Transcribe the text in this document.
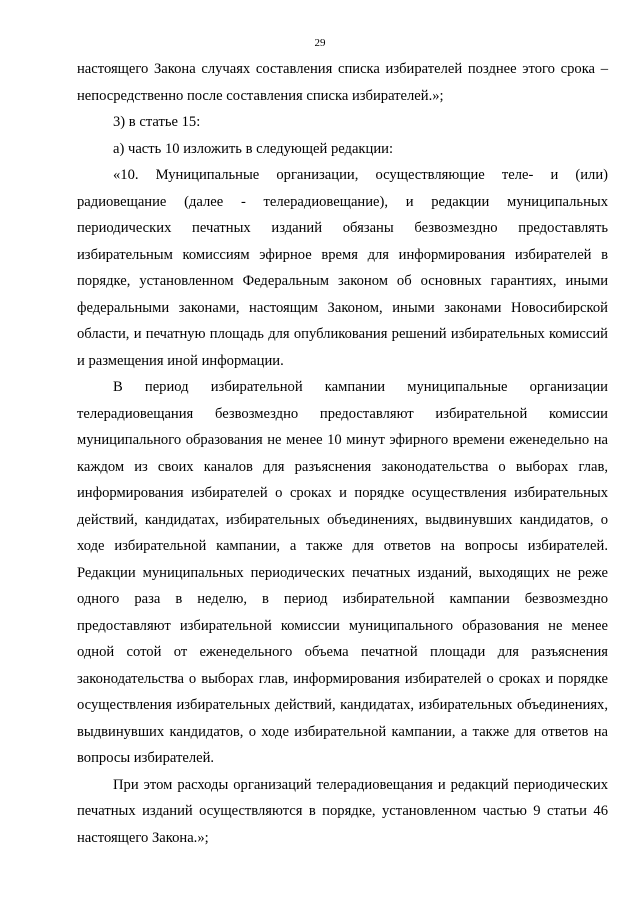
29

настоящего Закона случаях составления списка избирателей позднее этого срока – непосредственно после составления списка избирателей.»;

3) в статье 15:

а) часть 10 изложить в следующей редакции:

«10. Муниципальные организации, осуществляющие теле- и (или) радиовещание (далее - телерадиовещание), и редакции муниципальных периодических печатных изданий обязаны безвозмездно предоставлять избирательным комиссиям эфирное время для информирования избирателей в порядке, установленном Федеральным законом об основных гарантиях, иными федеральными законами, настоящим Законом, иными законами Новосибирской области, и печатную площадь для опубликования решений избирательных комиссий и размещения иной информации.

В период избирательной кампании муниципальные организации телерадиовещания безвозмездно предоставляют избирательной комиссии муниципального образования не менее 10 минут эфирного времени еженедельно на каждом из своих каналов для разъяснения законодательства о выборах глав, информирования избирателей о сроках и порядке осуществления избирательных действий, кандидатах, избирательных объединениях, выдвинувших кандидатов, о ходе избирательной кампании, а также для ответов на вопросы избирателей. Редакции муниципальных периодических печатных изданий, выходящих не реже одного раза в неделю, в период избирательной кампании безвозмездно предоставляют избирательной комиссии муниципального образования не менее одной сотой от еженедельного объема печатной площади для разъяснения законодательства о выборах глав, информирования избирателей о сроках и порядке осуществления избирательных действий, кандидатах, избирательных объединениях, выдвинувших кандидатов, о ходе избирательной кампании, а также для ответов на вопросы избирателей.

При этом расходы организаций телерадиовещания и редакций периодических печатных изданий осуществляются в порядке, установленном частью 9 статьи 46 настоящего Закона.»;
